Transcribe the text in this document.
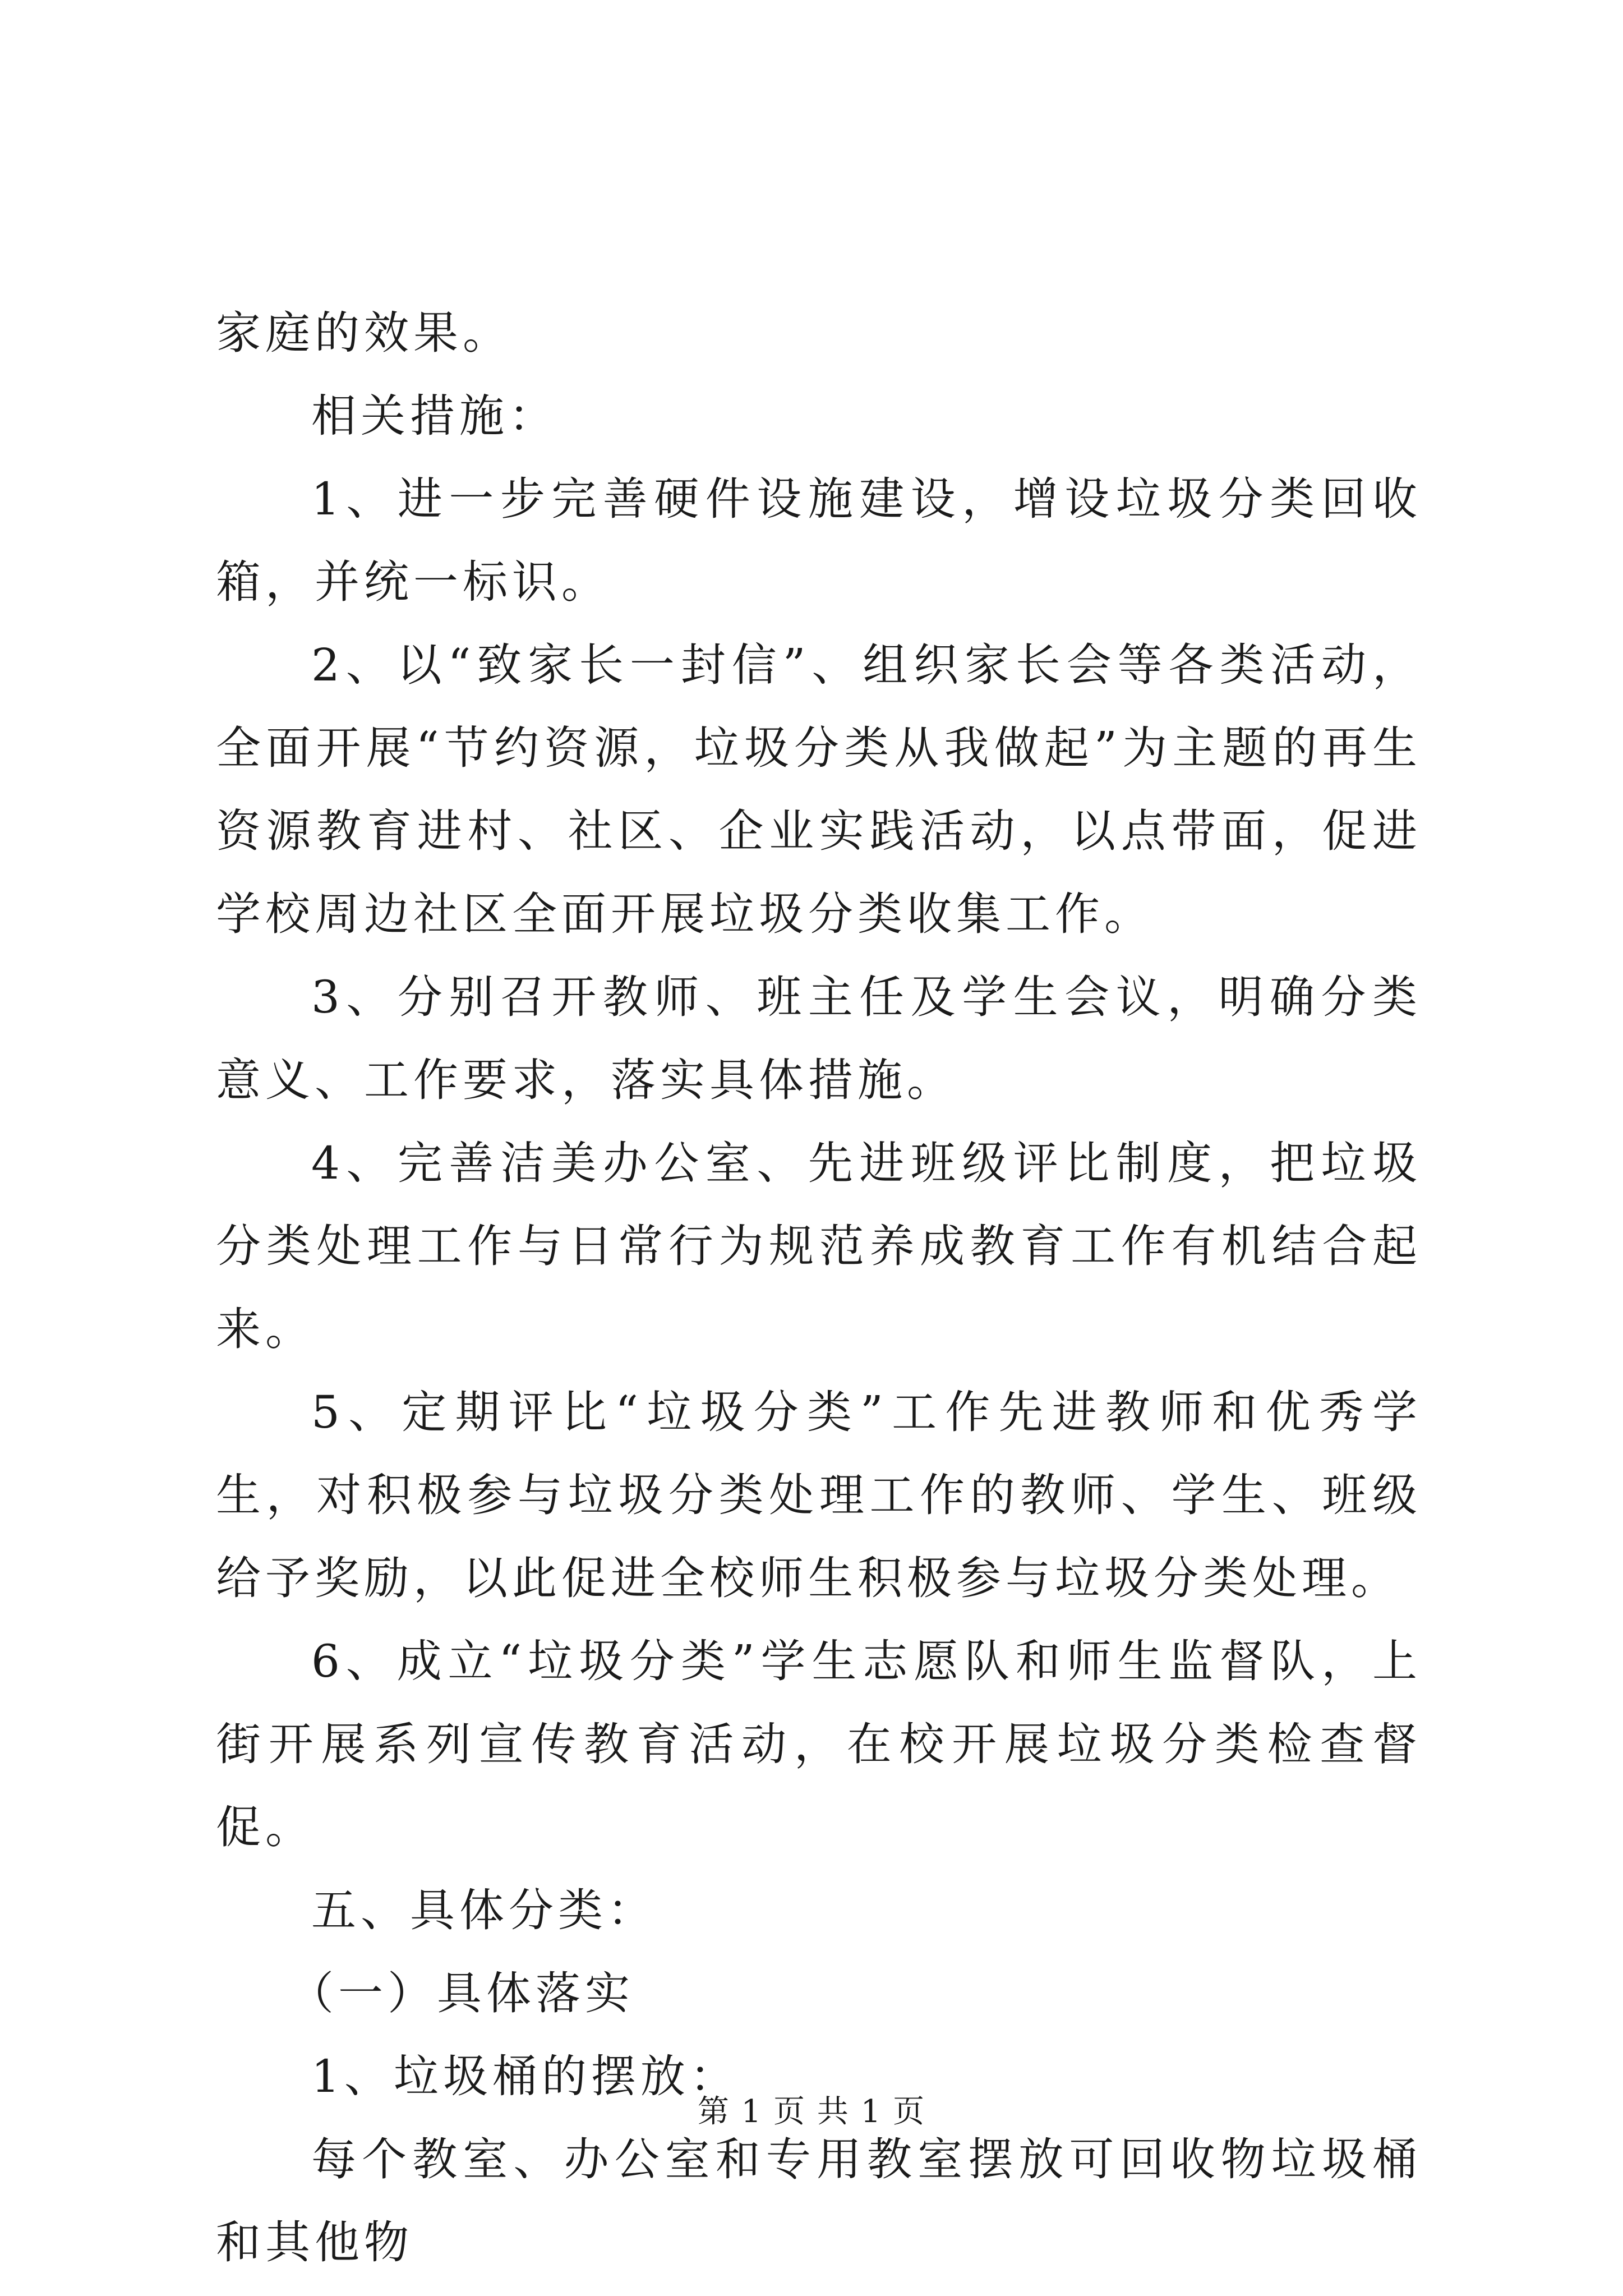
家庭的效果。

相关措施：

1、进一步完善硬件设施建设，增设垃圾分类回收箱，并统一标识。

2、以“致家长一封信”、组织家长会等各类活动，全面开展“节约资源，垃圾分类从我做起”为主题的再生资源教育进村、社区、企业实践活动，以点带面，促进学校周边社区全面开展垃圾分类收集工作。

3、分别召开教师、班主任及学生会议，明确分类意义、工作要求，落实具体措施。

4、完善洁美办公室、先进班级评比制度，把垃圾分类处理工作与日常行为规范养成教育工作有机结合起来。

5、定期评比“垃圾分类”工作先进教师和优秀学生，对积极参与垃圾分类处理工作的教师、学生、班级给予奖励，以此促进全校师生积极参与垃圾分类处理。

6、成立“垃圾分类”学生志愿队和师生监督队，上街开展系列宣传教育活动，在校开展垃圾分类检查督促。

五、具体分类：

（一）具体落实

1、垃圾桶的摆放：

每个教室、办公室和专用教室摆放可回收物垃圾桶和其他物

第 1 页 共 1 页
